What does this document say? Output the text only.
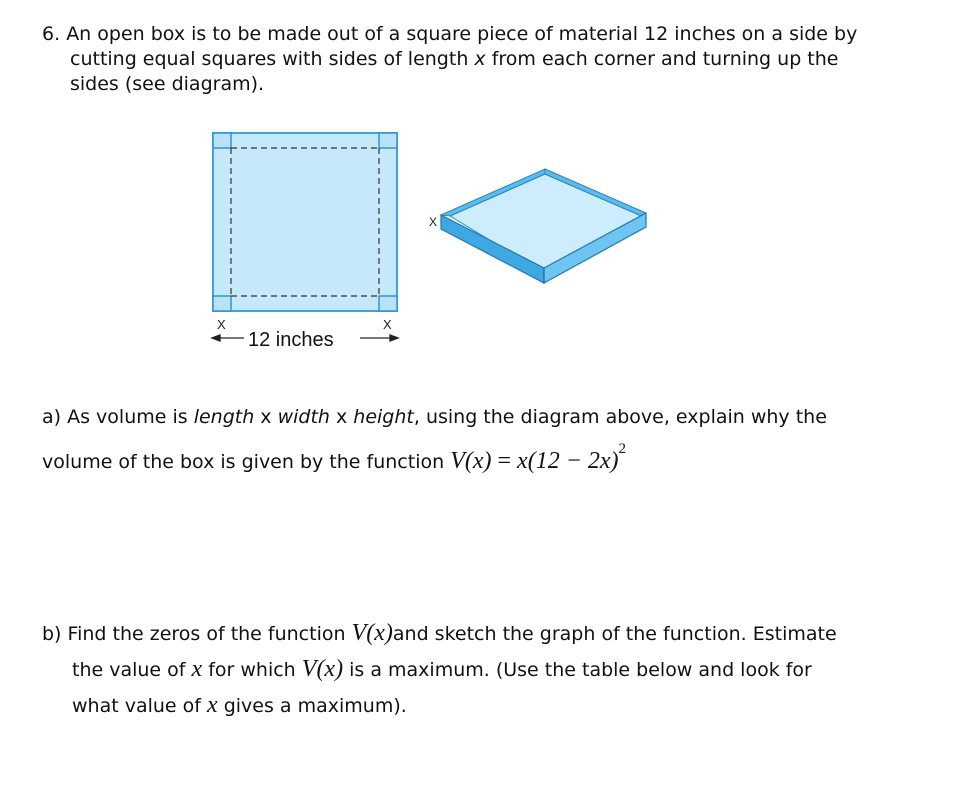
6. An open box is to be made out of a square piece of material 12 inches on a side by
cutting equal squares with sides of length x from each corner and turning up the
sides (see diagram).

X	X
12 inches
X

a) As volume is length x width x height, using the diagram above, explain why the

volume of the box is given by the function $V(x) = x(12 - 2x)^2$

b) Find the zeros of the function V(x)and sketch the graph of the function. Estimate

the value of x for which V(x) is a maximum. (Use the table below and look for

what value of x gives a maximum).
